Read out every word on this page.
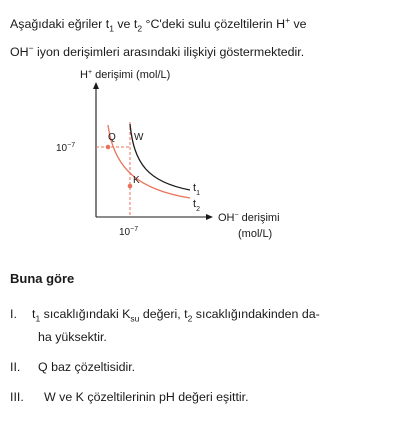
Aşağıdaki eğriler $t_1$ ve $t_2$ °C'deki sulu çözeltilerin H+ ve
OH− iyon derişimleri arasındaki ilişkiyi göstermektedir.
H+ derişimi (mol/L)
Q W
K
$t_1$
$t_2$
$10^{-7}$
$10^{-7}$
OH− derişimi
(mol/L)
Buna göre
I. $t_1$ sıcaklığındaki $K_{su}$ değeri, $t_2$ sıcaklığındakinden da-
ha yüksektir.
II. Q baz çözeltisidir.
III. W ve K çözeltilerinin pH değeri eşittir.
